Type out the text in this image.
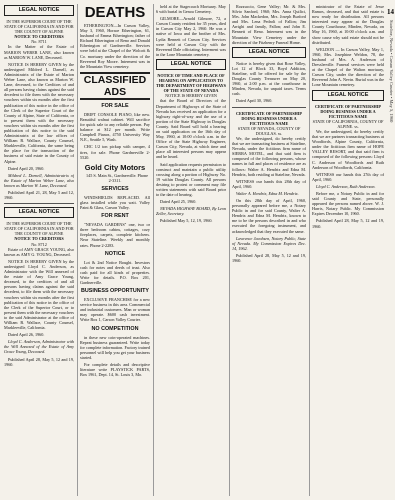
14
Stateline, Nevada • Carson Valley Courier • May 5, 1960
LEGAL NOTICE
IN THE SUPERIOR COURT OF THE STATE OF CALIFORNIA IN AND FOR THE COUNTY OF ALPINE
NOTICE TO CREDITORS
No. 8711

In the Matter of the Estate of MARION WEBER LANE, also known as MARION W. LANE, Deceased.

NOTICE IS HEREBY GIVEN by the undersigned Mildred L. Darnell, as Administratrix of the Estate of Marion Weber Lane, also known as Marion W. Lane, deceased, to the Creditors of and all persons having claims against the said decedent to file them with the necessary vouchers within six months after the first publication of this notice in the office of the Clerk of the Superior Court of the County of Alpine, State of California, or to present them with the necessary vouchers within six months after the first publication of this notice to the said Administratrix at the law offices of William B. Wallace, County Counsel, Markleeville, California, the same being the place for the transaction of the business of said estate in the County of Alpine.

Dated April 20, 1960.

Mildred L. Darnell, Administratrix of the Estate of Marion Weber Lane, also known as Marion W. Lane, Deceased.

Published April 21, 28, May 5 and 12, 1960.

LEGAL NOTICE
IN THE SUPERIOR COURT OF THE STATE OF CALIFORNIA IN AND FOR THE COUNTY OF ALPINE
NOTICE TO CREDITORS
No. 8712

Estate of AMY GRACE YOUNG, also known as AMY G. YOUNG, Deceased.

NOTICE IS HEREBY GIVEN by the undersigned Lloyd C. Anderson, as Administrator with the Will annexed of the estate of Amy Grace Young, deceased, to the creditors of and all persons having claims against the said decedent, to file them with the necessary vouchers within six months after the first publication of this notice in the office of the Clerk of the Superior Court, or to present them with the necessary vouchers to the said Administrator at the office of William B. Wallace, County Counsel, Markleeville, California.

Dated April 26, 1960.

Lloyd C. Anderson, Administrator with the Will Annexed of the Estate of Amy Grace Young, Deceased.

Published April 28, May 5, 12 and 19, 1960.

DEATHS

ETHERINGTON—In Carson Valley, May 3, 1960, Horace Etherington, 61, husband of Emma Etherington; father of Richard Etherington of Reno and Donald Etherington of Gardnerville. Services were held at the Chapel of the Wolcott & Co. mortuary under the direction of the Reverend Roy Moore. Interment was in the Mountain View cemetery.

CLASSIFIED ADS
FOR SALE

DRIFT CONSOLE PIANO, like new. Beautiful walnut cabinet. Will sacrifice for quick sale to any reliable person. Pay balance at $12 per month. Write Campbell Pianos, 4750 University Way N.E., Seattle 5, Wash.

CHC 1/2 ton pickup with camper, 4 tires, for sale. Phone Gardnerville 2-5520.

Gold City Motors

145 S. Main St., Gardnerville. Phone 2-3311.

SERVICES

WINDSHIELDS REPLACED. All glass installed while you wait. Valley Paint & Glass, Carson Valley.

FOR RENT

"NEVADA GARDENS" one, two or three bedroom cabins, cottages, cozy fireplaces, carpets, complete kitchens. Near Stateline. Weekly and monthly rates. Phone 2-2283.

NOTICE

Lot & 2nd Notice Bought. Investors cash for notes and deeds of trust. Also cash paid for all kinds of properties. Write for details. P.O. Box 201, Gardnerville.

BUSINESS OPPORTUNITY

EXCLUSIVE FRANCHISE for a new service business in this area. Commercial and industrial customers. Man or woman may operate. $600 cash investment. Write Box 1, Carson Valley Courier.

NO COMPETITION

in these new coin-operated machines. Repeat business guaranteed. Write today for complete information. Factory trained personnel will help you get your business started.

For complete details and descriptive literature write PLAYSTICK PARTS, Box 1961, Dept. 14, St. Louis 3, Mo.

held at the Stagecoach Mortuary. May 6 with burial in Genoa Cemetery.

GILMORE—Arnold Gilmore, 72, a Carson County resident for 35 years, died in Carson City May 2, 1960. He was a native of Iowa and the brother of Mrs. Lydia Bennett of Carson City. Services were held at Carson City with the Reverend Dale officiating. Interment was in the Lone Mountain cemetery.

LEGAL NOTICE
NOTICE OF TIME AND PLACE OF HEARING ON APPLICATION TO THE DEPARTMENT OF HIGHWAYS OF THE STATE OF NEVADA
NOTICE IS HEREBY GIVEN

that the Board of Directors of the Department of Highways of the State of Nevada has received an application for a highway right-of-way and the use of a portion of the State Highway in Douglas County. Said Board will hold a hearing on said application on the 16th day of May, 1960, at 10:00 o'clock a.m. in the Office of the State Highway Engineer, Carson City, Nevada, at which time and place all interested persons may appear and be heard.

Said application requests permission to construct and maintain a public utility crossing along a portion of Highway No. 19 within Douglas County. All persons desiring to protest or comment may file written statements with said Board prior to the date of hearing.

Dated April 25, 1960.

NEVADA HIGHWAY BOARD, By Leon Zeller, Secretary.

Published May 5, 12, 19, 1960.

Rozzuccio, Gene Valley; Mr. & Mrs. Silvio Sanford, 1960; Mrs. Anna Quilici, Mrs. John Mackedon, Mrs. Joseph Burford and Mrs. Lena Pedroli of Fallon; Jim Arrighi and family, Fallon; and John E. Bennett of Reno. Interment was in the Mountain View Cemetery under the direction of the Fitzhenry Funeral Home.

LEGAL NOTICE

Notice is hereby given that Rose Valley, Lot 12 of Block 33, Boyd Addition, Stateline, will be offered for sale by the Douglas County Treasurer on May 20, 1960, at 2:00 p.m. at the courthouse in Minden, Nevada, for unpaid taxes. Terms cash.

Dated April 30, 1960.

CERTIFICATE OF PARTNERSHIP DOING BUSINESS UNDER A FICTITIOUS NAME
STATE OF NEVADA, COUNTY OF DOUGLAS. ss.

We, the undersigned, do hereby certify that we are transacting business at Stateline, Nevada, under the fictitious firm name of SIERRA MOTEL, and that said firm is composed of the following persons, whose names in full and places of residence are as follows: Walter A. Hendrix and Edna M. Hendrix, both residing at Stateline, Nevada.

WITNESS our hands this 28th day of April, 1960.

Walter A. Hendrix, Edna M. Hendrix.

On this 28th day of April, 1960, personally appeared before me, a Notary Public in and for said County, Walter A. Hendrix and Edna M. Hendrix, known to me to be the persons described in and who executed the foregoing instrument, and acknowledged that they executed the same.

Lawrence Jacobsen, Notary Public, State of Nevada. My Commission Expires Dec. 14, 1962.

Published April 28, May 5, 12 and 19, 1960.

ministrator of the Estate of Jesse Ramos, deceased, and that said estate is now ready for distribution. All persons interested may appear at the Douglas County Courthouse, Minden, Nevada, on May 16, 1960, at 10:00 o'clock a.m. and show cause why said estate should not be distributed.

WELDON — In Carson Valley, May 1, 1960, Mrs. Josephine Weldon, 78, the husband of Mrs. A. Anderson of Dresslerville. Funeral services were held at the Chapel of the Walton mortuary, Carson City, under the direction of the Reverend John A. Nevin. Burial was in the Lone Mountain cemetery.

LEGAL NOTICE
CERTIFICATE OF PARTNERSHIP DOING BUSINESS UNDER A FICTITIOUS NAME
STATE OF CALIFORNIA, COUNTY OF ALPINE. ss.

We, the undersigned, do hereby certify that we are partners transacting business at Woodfords, Alpine County, California, under the fictitious firm name of HOPE VALLEY RESORT, and that said firm is composed of the following persons: Lloyd C. Anderson of Woodfords and Ruth Anderson of Woodfords, California.

WITNESS our hands this 27th day of April, 1960.

Lloyd C. Anderson, Ruth Anderson.

Before me, a Notary Public in and for said County and State, personally appeared the persons named above. W. J. Harris, Notary Public. My Commission Expires December 10, 1960.

Published April 28, May 5, 12 and 19, 1960.
